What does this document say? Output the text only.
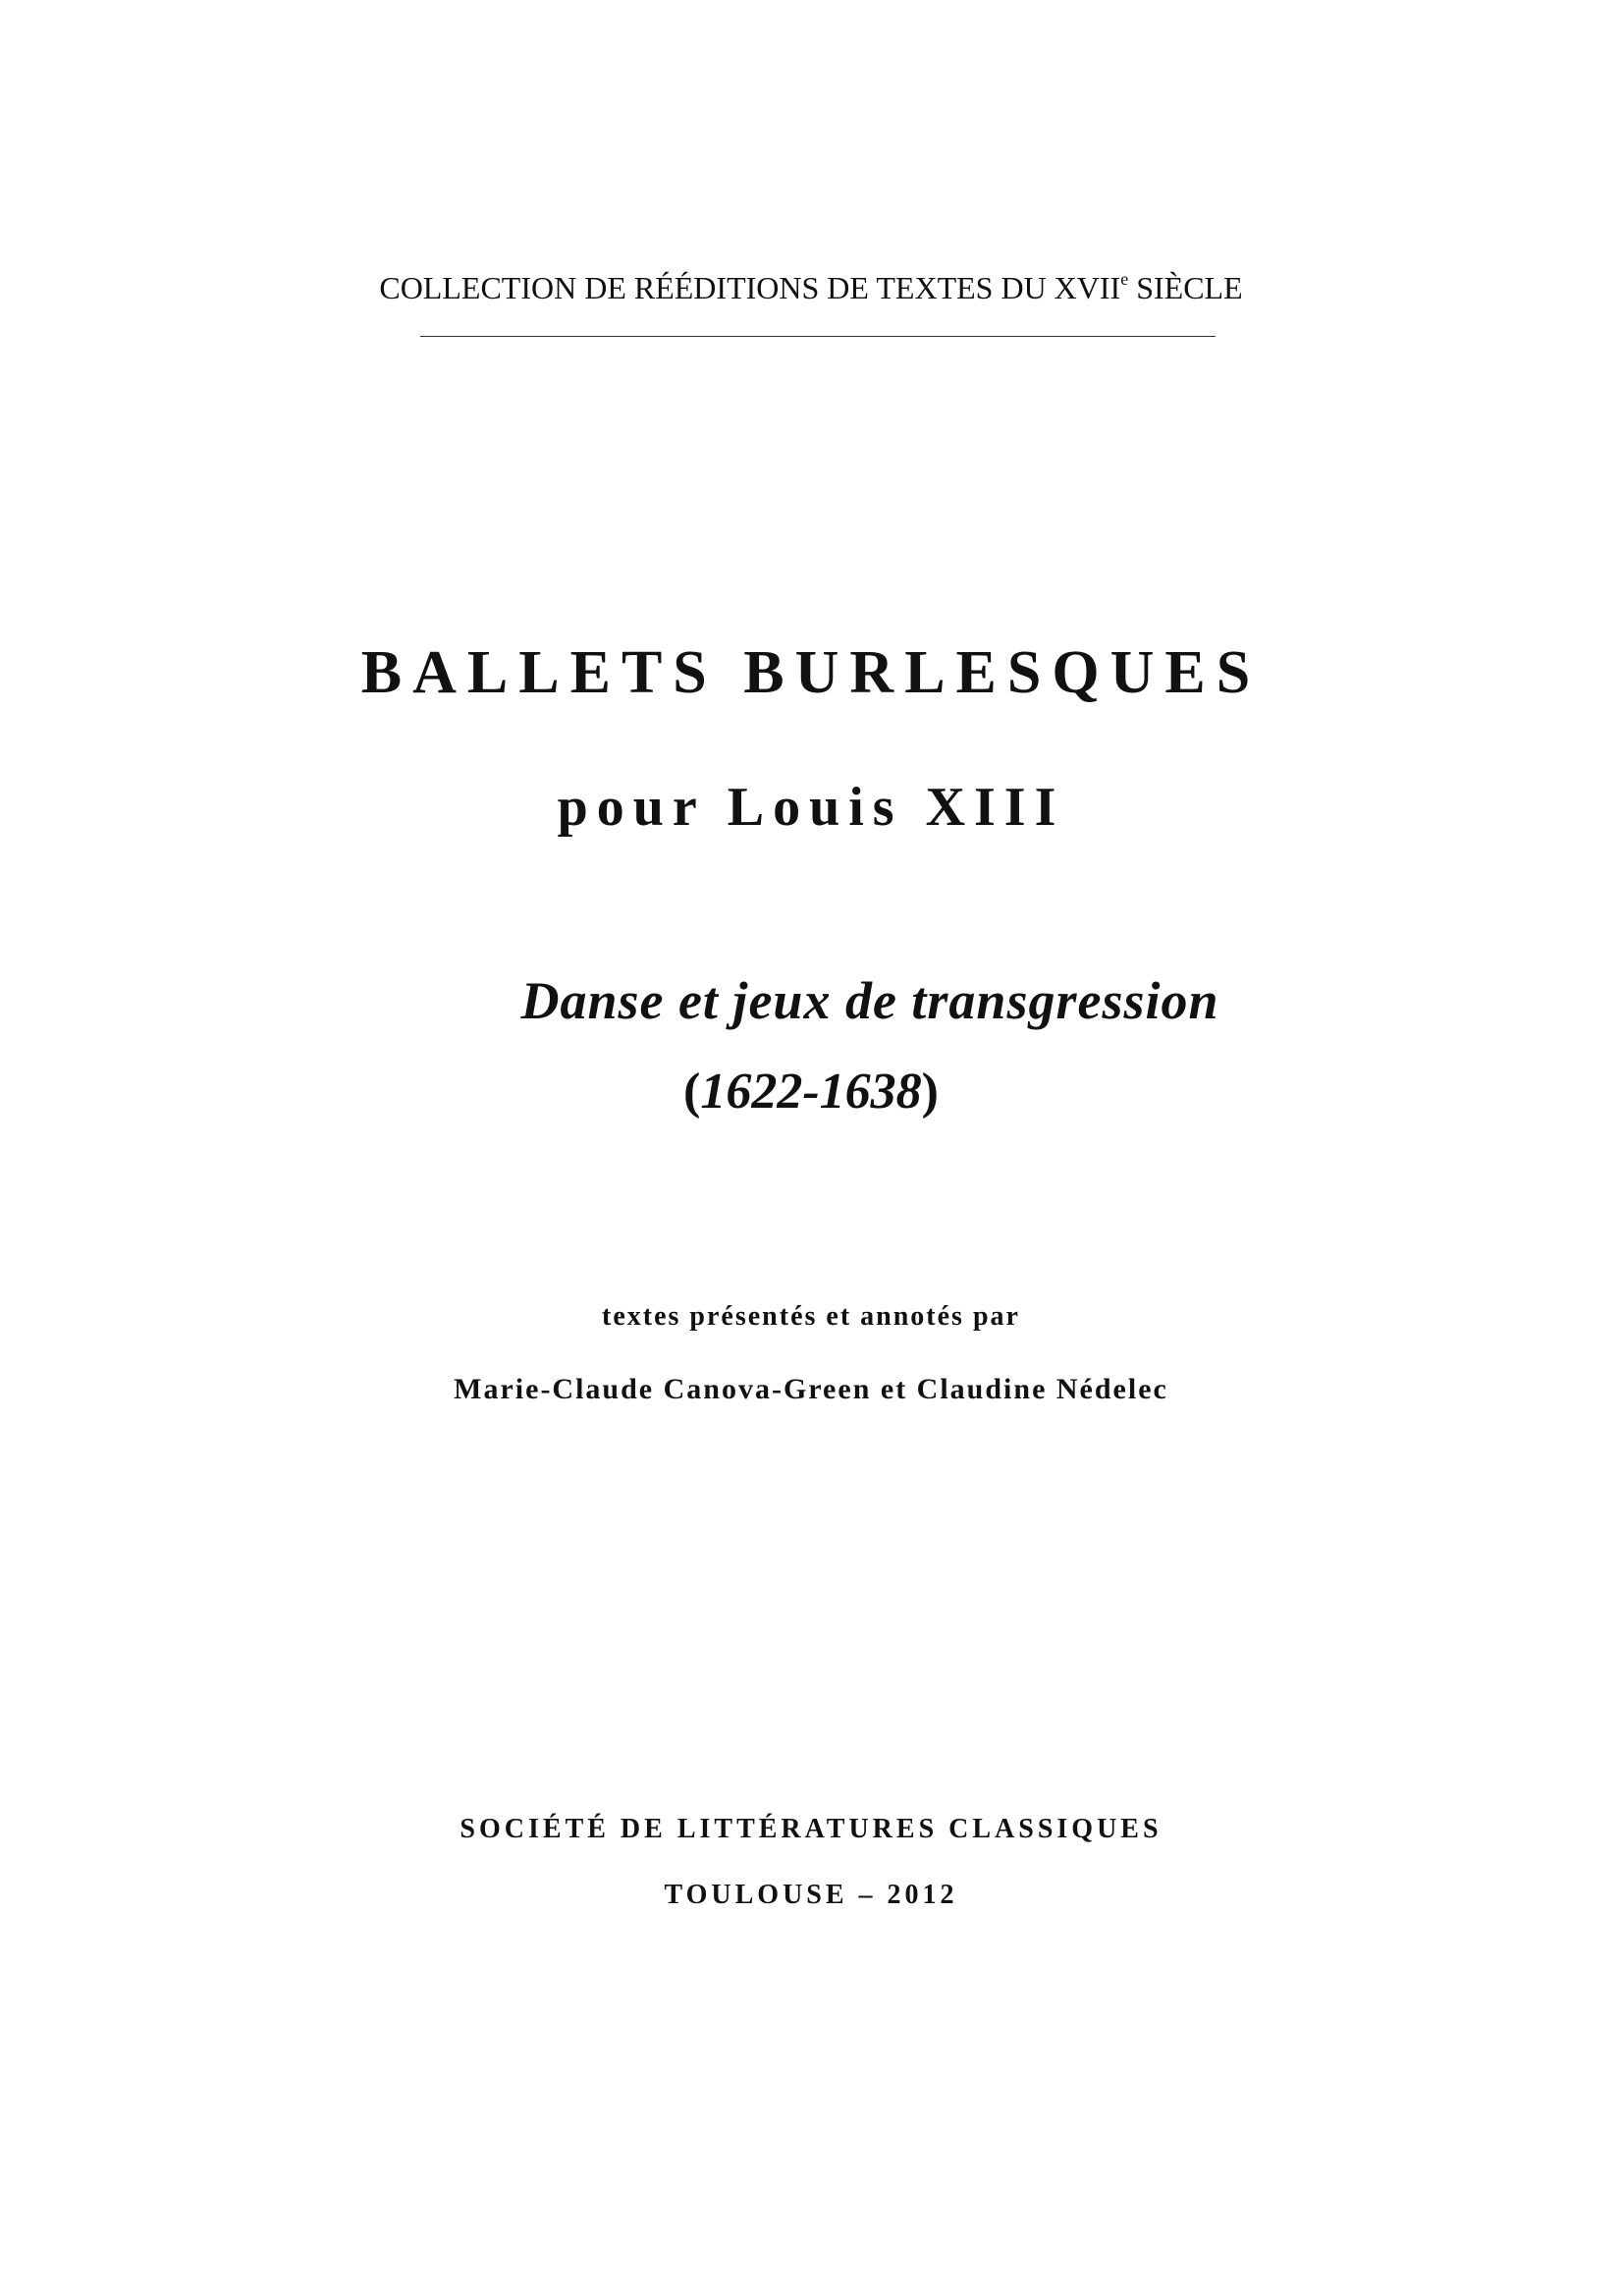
COLLECTION DE RÉÉDITIONS DE TEXTES DU XVIIe SIÈCLE
BALLETS BURLESQUES
pour Louis XIII
Danse et jeux de transgression
(1622-1638)
textes présentés et annotés par
Marie-Claude Canova-Green et Claudine Nédelec
SOCIÉTÉ DE LITTÉRATURES CLASSIQUES
TOULOUSE – 2012
